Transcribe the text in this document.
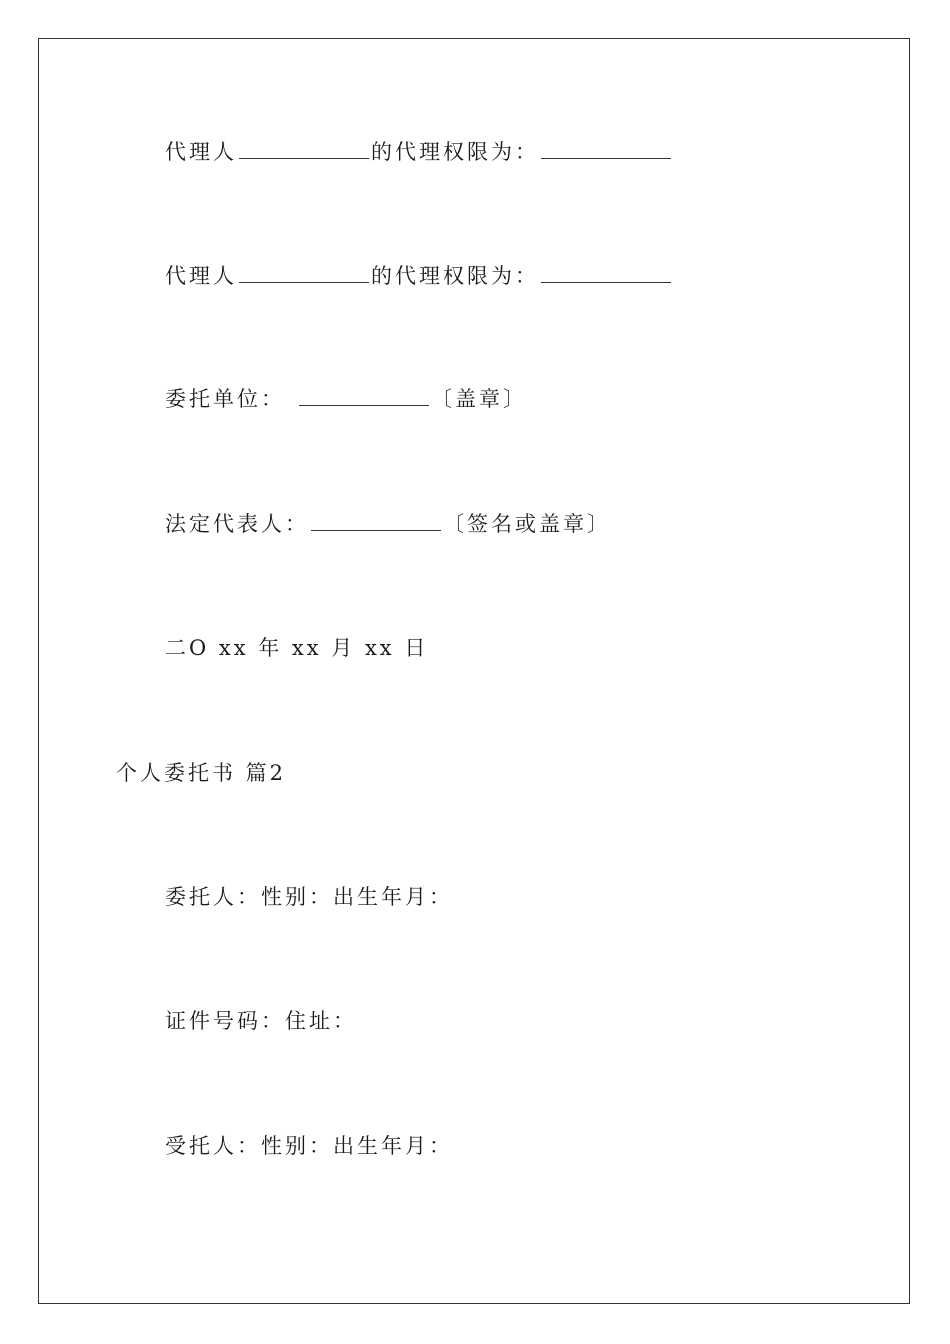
代理人	的代理权限为：
代理人	的代理权限为：
委托单位：	〔盖章〕
法定代表人：	〔签名或盖章〕
二O xx 年 xx 月 xx 日
个人委托书 篇2
委托人：性别：出生年月：
证件号码：住址：
受托人：性别：出生年月：
